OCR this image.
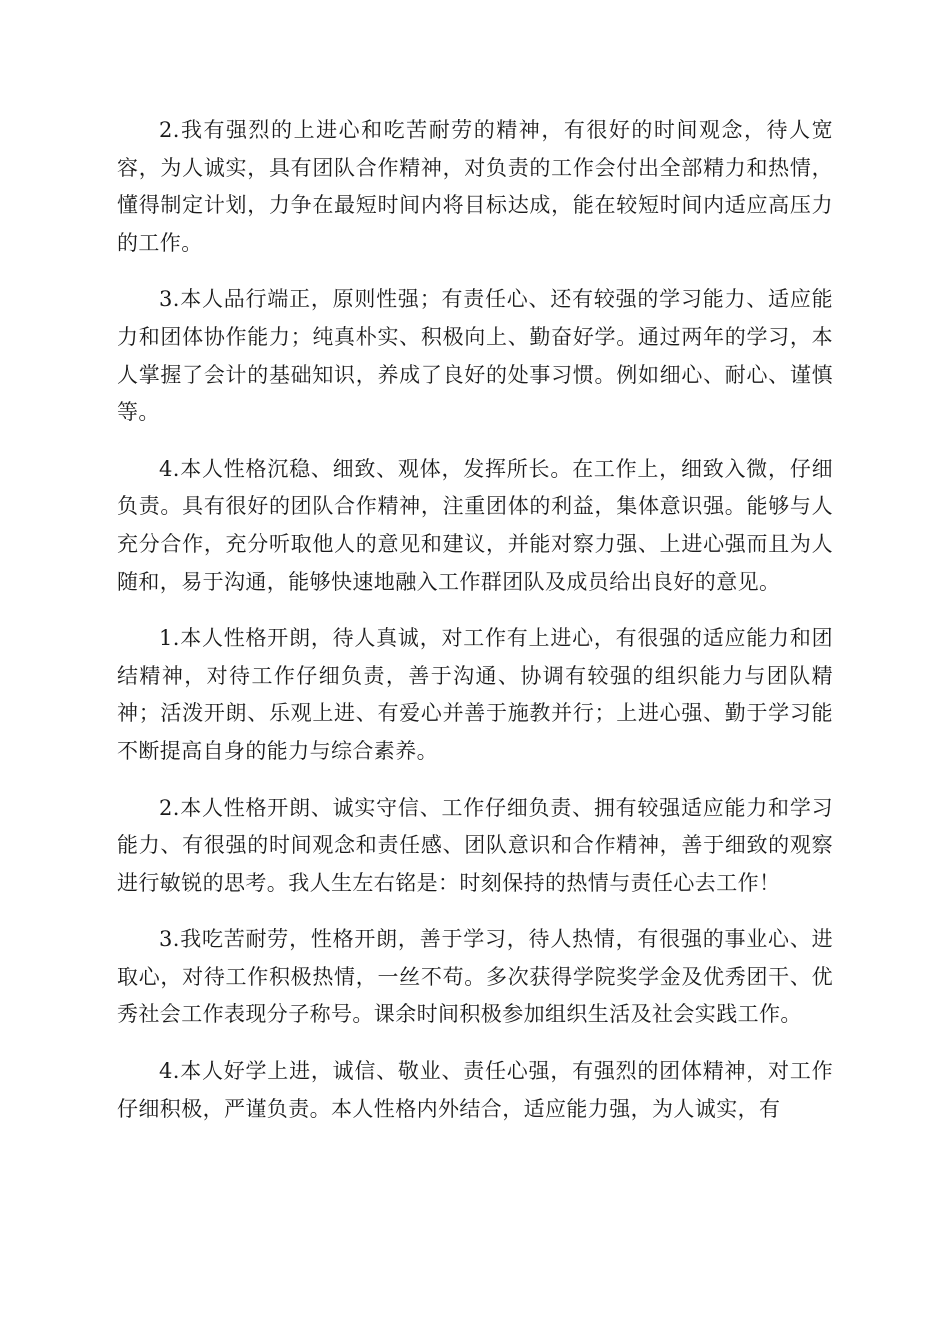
2.我有强烈的上进心和吃苦耐劳的精神，有很好的时间观念，待人宽容，为人诚实，具有团队合作精神，对负责的工作会付出全部精力和热情，懂得制定计划，力争在最短时间内将目标达成，能在较短时间内适应高压力的工作。

3.本人品行端正，原则性强；有责任心、还有较强的学习能力、适应能力和团体协作能力；纯真朴实、积极向上、勤奋好学。通过两年的学习，本人掌握了会计的基础知识，养成了良好的处事习惯。例如细心、耐心、谨慎等。

4.本人性格沉稳、细致、观体，发挥所长。在工作上，细致入微，仔细负责。具有很好的团队合作精神，注重团体的利益，集体意识强。能够与人充分合作，充分听取他人的意见和建议，并能对察力强、上进心强而且为人随和，易于沟通，能够快速地融入工作群团队及成员给出良好的意见。

1.本人性格开朗，待人真诚，对工作有上进心，有很强的适应能力和团结精神，对待工作仔细负责，善于沟通、协调有较强的组织能力与团队精神；活泼开朗、乐观上进、有爱心并善于施教并行；上进心强、勤于学习能不断提高自身的能力与综合素养。

2.本人性格开朗、诚实守信、工作仔细负责、拥有较强适应能力和学习能力、有很强的时间观念和责任感、团队意识和合作精神，善于细致的观察进行敏锐的思考。我人生左右铭是：时刻保持的热情与责任心去工作！

3.我吃苦耐劳，性格开朗，善于学习，待人热情，有很强的事业心、进取心，对待工作积极热情，一丝不苟。多次获得学院奖学金及优秀团干、优秀社会工作表现分子称号。课余时间积极参加组织生活及社会实践工作。

4.本人好学上进，诚信、敬业、责任心强，有强烈的团体精神，对工作仔细积极，严谨负责。本人性格内外结合，适应能力强，为人诚实，有
